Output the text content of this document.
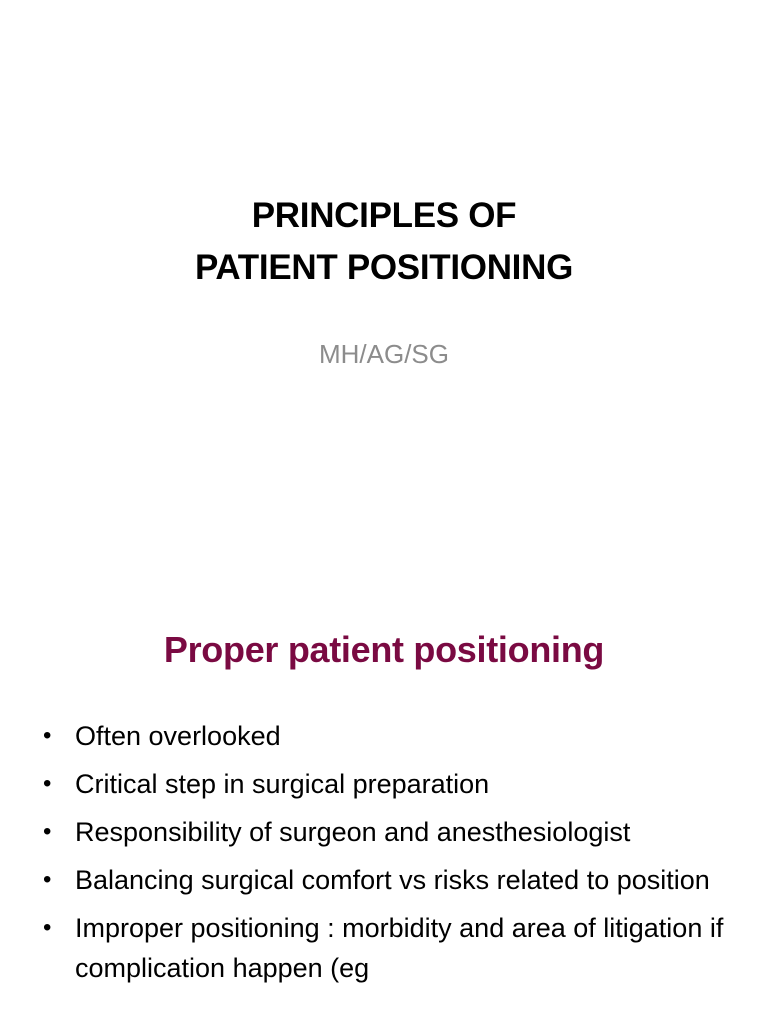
PRINCIPLES OF
PATIENT POSITIONING
MH/AG/SG
Proper patient positioning
• Often overlooked
• Critical step in surgical preparation
• Responsibility of surgeon and anesthesiologist
• Balancing surgical comfort vs risks related to position
• Improper positioning : morbidity and area of litigation if complication happen (eg
